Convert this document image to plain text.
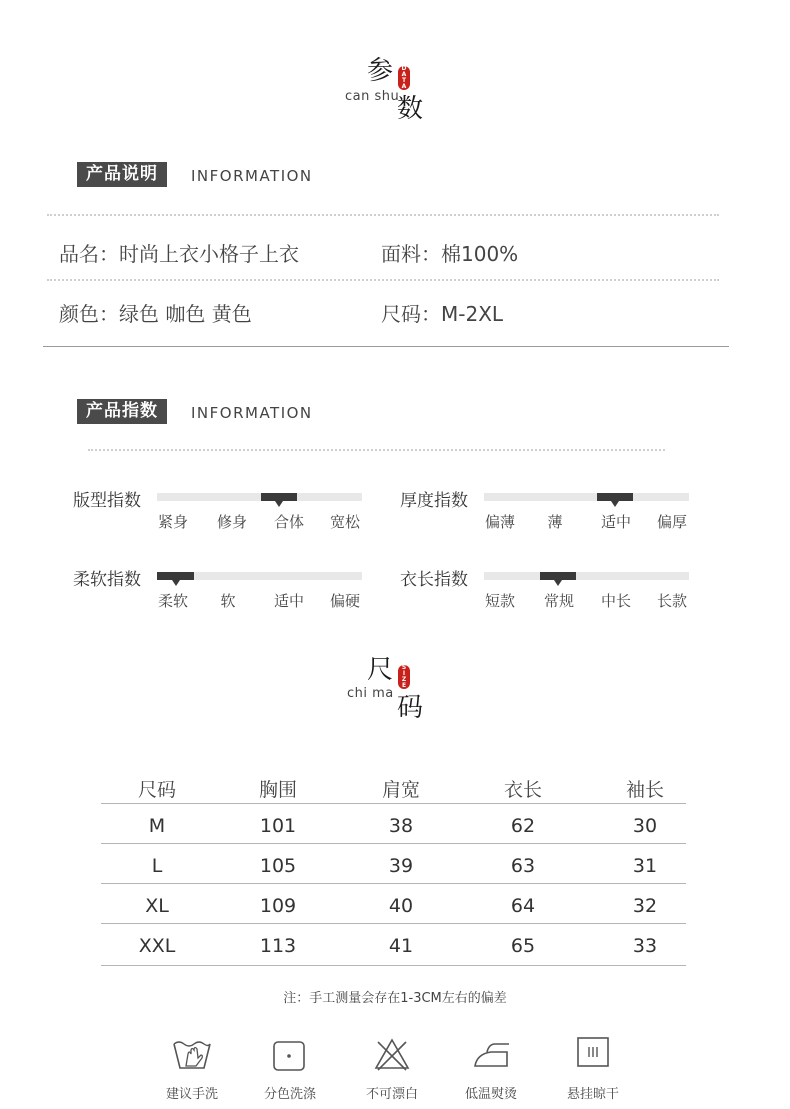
参	D
A
T
A
can shu
数
产品说明	INFORMATION
品名：时尚上衣小格子上衣	面料：棉100%
颜色：绿色 咖色 黄色	尺码：M-2XL
产品指数	INFORMATION
版型指数
紧身	修身	合体	宽松
厚度指数
偏薄	薄	适中	偏厚
柔软指数
柔软	软	适中	偏硬
衣长指数
短款	常规	中长	长款
尺	S
I
Z
E
chi ma 码
尺码	胸围	肩宽	衣长	袖长
M	101	38	62	30
L	105	39	63	31
XL	109	40	64	32
XXL	113	41	65	33
注：手工测量会存在1-3CM左右的偏差
建议手洗	分色洗涤	不可漂白	低温熨烫	悬挂晾干
